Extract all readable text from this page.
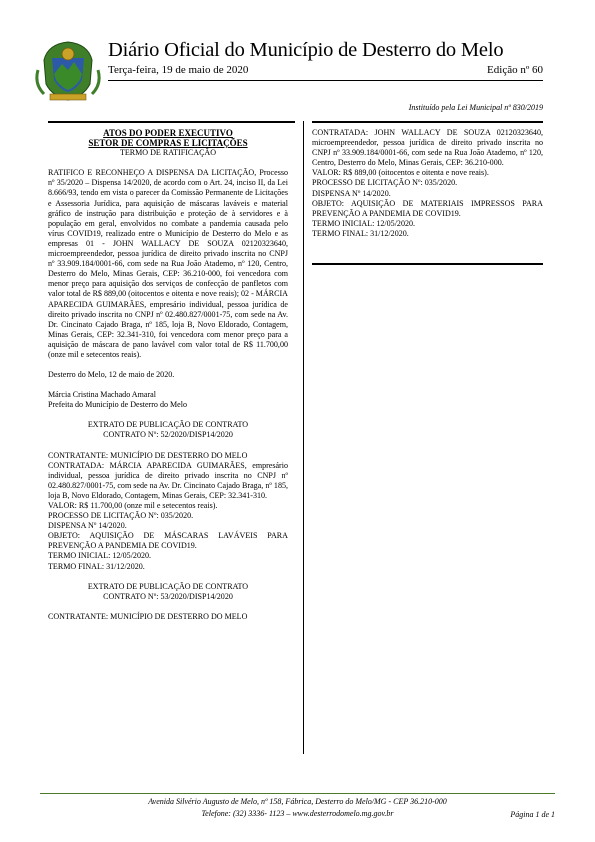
Diário Oficial do Município de Desterro do Melo
Terça-feira, 19 de maio de 2020	Edição nº 60
Instituído pela Lei Municipal nº 830/2019

ATOS DO PODER EXECUTIVO

SETOR DE COMPRAS E LICITAÇÕES

TERMO DE RATIFICAÇÃO

RATIFICO E RECONHEÇO A DISPENSA DA LICITAÇÃO, Processo nº 35/2020 – Dispensa 14/2020, de acordo com o Art. 24, inciso II, da Lei 8.666/93, tendo em vista o parecer da Comissão Permanente de Licitações e Assessoria Jurídica, para aquisição de máscaras laváveis e material gráfico de instrução para distribuição e proteção de à servidores e à população em geral, envolvidos no combate a pandemia causada pelo vírus COVID19, realizado entre o Município de Desterro do Melo e as empresas 01 - JOHN WALLACY DE SOUZA 02120323640, microempreendedor, pessoa jurídica de direito privado inscrita no CNPJ nº 33.909.184/0001-66, com sede na Rua João Atademo, nº 120, Centro, Desterro do Melo, Minas Gerais, CEP: 36.210-000, foi vencedora com menor preço para aquisição dos serviços de confecção de panfletos com valor total de R$ 889,00 (oitocentos e oitenta e nove reais); 02 - MÁRCIA APARECIDA GUIMARÃES, empresário individual, pessoa jurídica de direito privado inscrita no CNPJ nº 02.480.827/0001-75, com sede na Av. Dr. Cincinato Cajado Braga, nº 185, loja B, Novo Eldorado, Contagem, Minas Gerais, CEP: 32.341-310, foi vencedora com menor preço para a aquisição de máscara de pano lavável com valor total de R$ 11.700,00 (onze mil e setecentos reais).

Desterro do Melo, 12 de maio de 2020.

Márcia Cristina Machado Amaral

Prefeita do Município de Desterro do Melo

EXTRATO DE PUBLICAÇÃO DE CONTRATO

CONTRATO Nº: 52/2020/DISP14/2020

CONTRATANTE: MUNICÍPIO DE DESTERRO DO MELO

CONTRATADA: MÁRCIA APARECIDA GUIMARÃES, empresário individual, pessoa jurídica de direito privado inscrita no CNPJ nº 02.480.827/0001-75, com sede na Av. Dr. Cincinato Cajado Braga, nº 185, loja B, Novo Eldorado, Contagem, Minas Gerais, CEP: 32.341-310.

VALOR: R$ 11.700,00 (onze mil e setecentos reais).

PROCESSO DE LICITAÇÃO Nº: 035/2020.

DISPENSA Nº 14/2020.

OBJETO: AQUISIÇÃO DE MÁSCARAS LAVÁVEIS PARA PREVENÇÃO A PANDEMIA DE COVID19.

TERMO INICIAL: 12/05/2020.

TERMO FINAL: 31/12/2020.

EXTRATO DE PUBLICAÇÃO DE CONTRATO

CONTRATO Nº: 53/2020/DISP14/2020

CONTRATANTE: MUNICÍPIO DE DESTERRO DO MELO

CONTRATADA: JOHN WALLACY DE SOUZA 02120323640, microempreendedor, pessoa jurídica de direito privado inscrita no CNPJ nº 33.909.184/0001-66, com sede na Rua João Atademo, nº 120, Centro, Desterro do Melo, Minas Gerais, CEP: 36.210-000.

VALOR: R$ 889,00 (oitocentos e oitenta e nove reais).

PROCESSO DE LICITAÇÃO Nº: 035/2020.

DISPENSA Nº 14/2020.

OBJETO: AQUISIÇÃO DE MATERIAIS IMPRESSOS PARA PREVENÇÃO A PANDEMIA DE COVID19.

TERMO INICIAL: 12/05/2020.

TERMO FINAL: 31/12/2020.

Avenida Silvério Augusto de Melo, nº 158, Fábrica, Desterro do Melo/MG - CEP 36.210-000
Telefone: (32) 3336- 1123 – www.desterrodomelo.mg.gov.br	Página 1 de 1
